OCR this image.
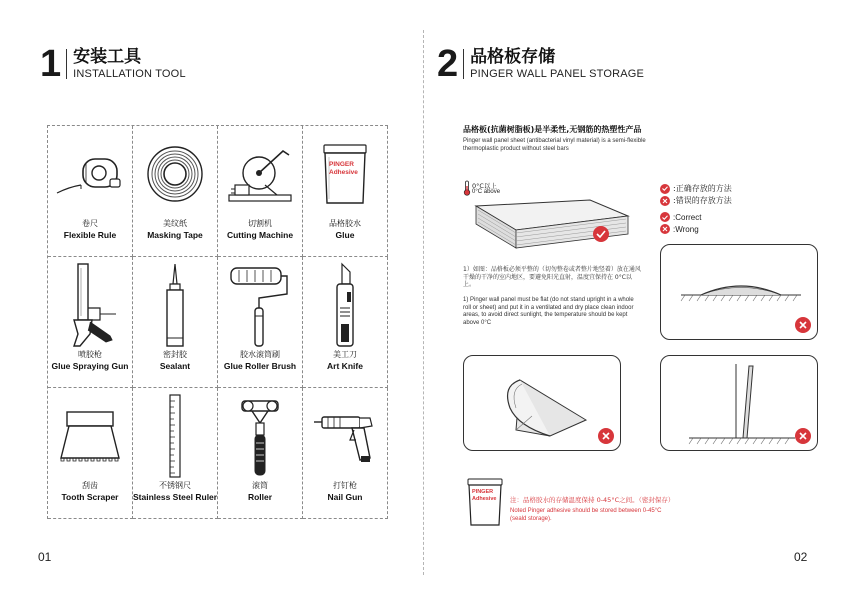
1 安装工具
INSTALLATION TOOL
卷尺
Flexible Rule
美纹纸
Masking Tape
切割机
Cutting Machine
PINGER Adhesive
品格胶水
Glue
喷胶枪
Glue Spraying Gun
密封胶
Sealant
胶水滚筒刷
Glue Roller Brush
美工刀
Art Knife
刮齿
Tooth Scraper
不锈钢尺
Stainless Steel Ruler
滚筒
Roller
打钉枪
Nail Gun
01
2 品格板存储
PINGER WALL PANEL STORAGE
品格板(抗菌树脂板)是半柔性,无钢筋的热塑性产品
Pinger wall panel sheet (antibacterial vinyl material) is a semi-flexible thermoplastic product without steel bars
0°C以上
0°C above	:正确存放的方法
:错误的存放方法
:Correct
:Wrong
1）如图：品格板必须平整的（切勿整卷或者整片地竖着）放在通风 干燥的干净的室内地区，要避免阳光直射，温度宜保持在 0°C以上。
1) Pinger wall panel must be flat (do not stand upright in a whole roll or sheet) and put it in a ventilated and dry place clean indoor areas, to avoid direct sunlight, the temperature should be kept above 0°C
PINGER Adhesive	注：品格胶水的存储温度保持 0-45°C之间。（密封保存）
Noted Pinger adhesive should be stored between 0-45°C (seald storage).
02
